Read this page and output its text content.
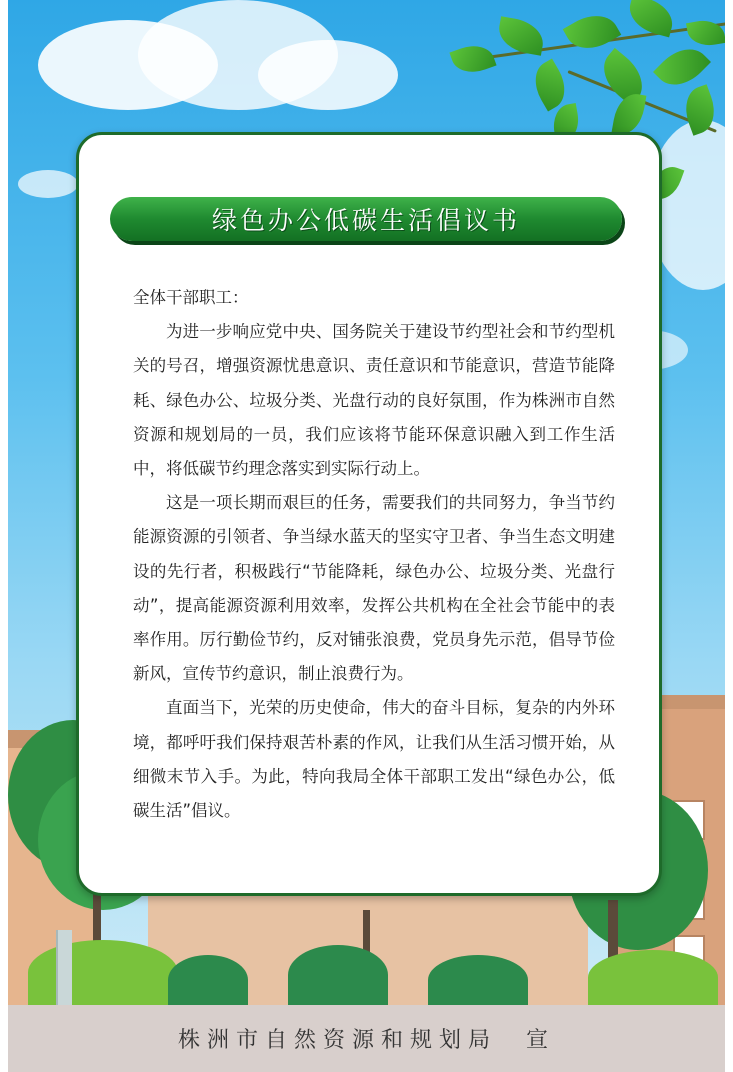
株洲市自然资源和规划局　宣
绿色办公低碳生活倡议书

全体干部职工：

为进一步响应党中央、国务院关于建设节约型社会和节约型机关的号召，增强资源忧患意识、责任意识和节能意识，营造节能降耗、绿色办公、垃圾分类、光盘行动的良好氛围，作为株洲市自然资源和规划局的一员，我们应该将节能环保意识融入到工作生活中，将低碳节约理念落实到实际行动上。

这是一项长期而艰巨的任务，需要我们的共同努力，争当节约能源资源的引领者、争当绿水蓝天的坚实守卫者、争当生态文明建设的先行者，积极践行“节能降耗，绿色办公、垃圾分类、光盘行动”，提高能源资源利用效率，发挥公共机构在全社会节能中的表率作用。厉行勤俭节约，反对铺张浪费，党员身先示范，倡导节俭新风，宣传节约意识，制止浪费行为。

直面当下，光荣的历史使命，伟大的奋斗目标，复杂的内外环境，都呼吁我们保持艰苦朴素的作风，让我们从生活习惯开始，从细微末节入手。为此，特向我局全体干部职工发出“绿色办公，低碳生活”倡议。
